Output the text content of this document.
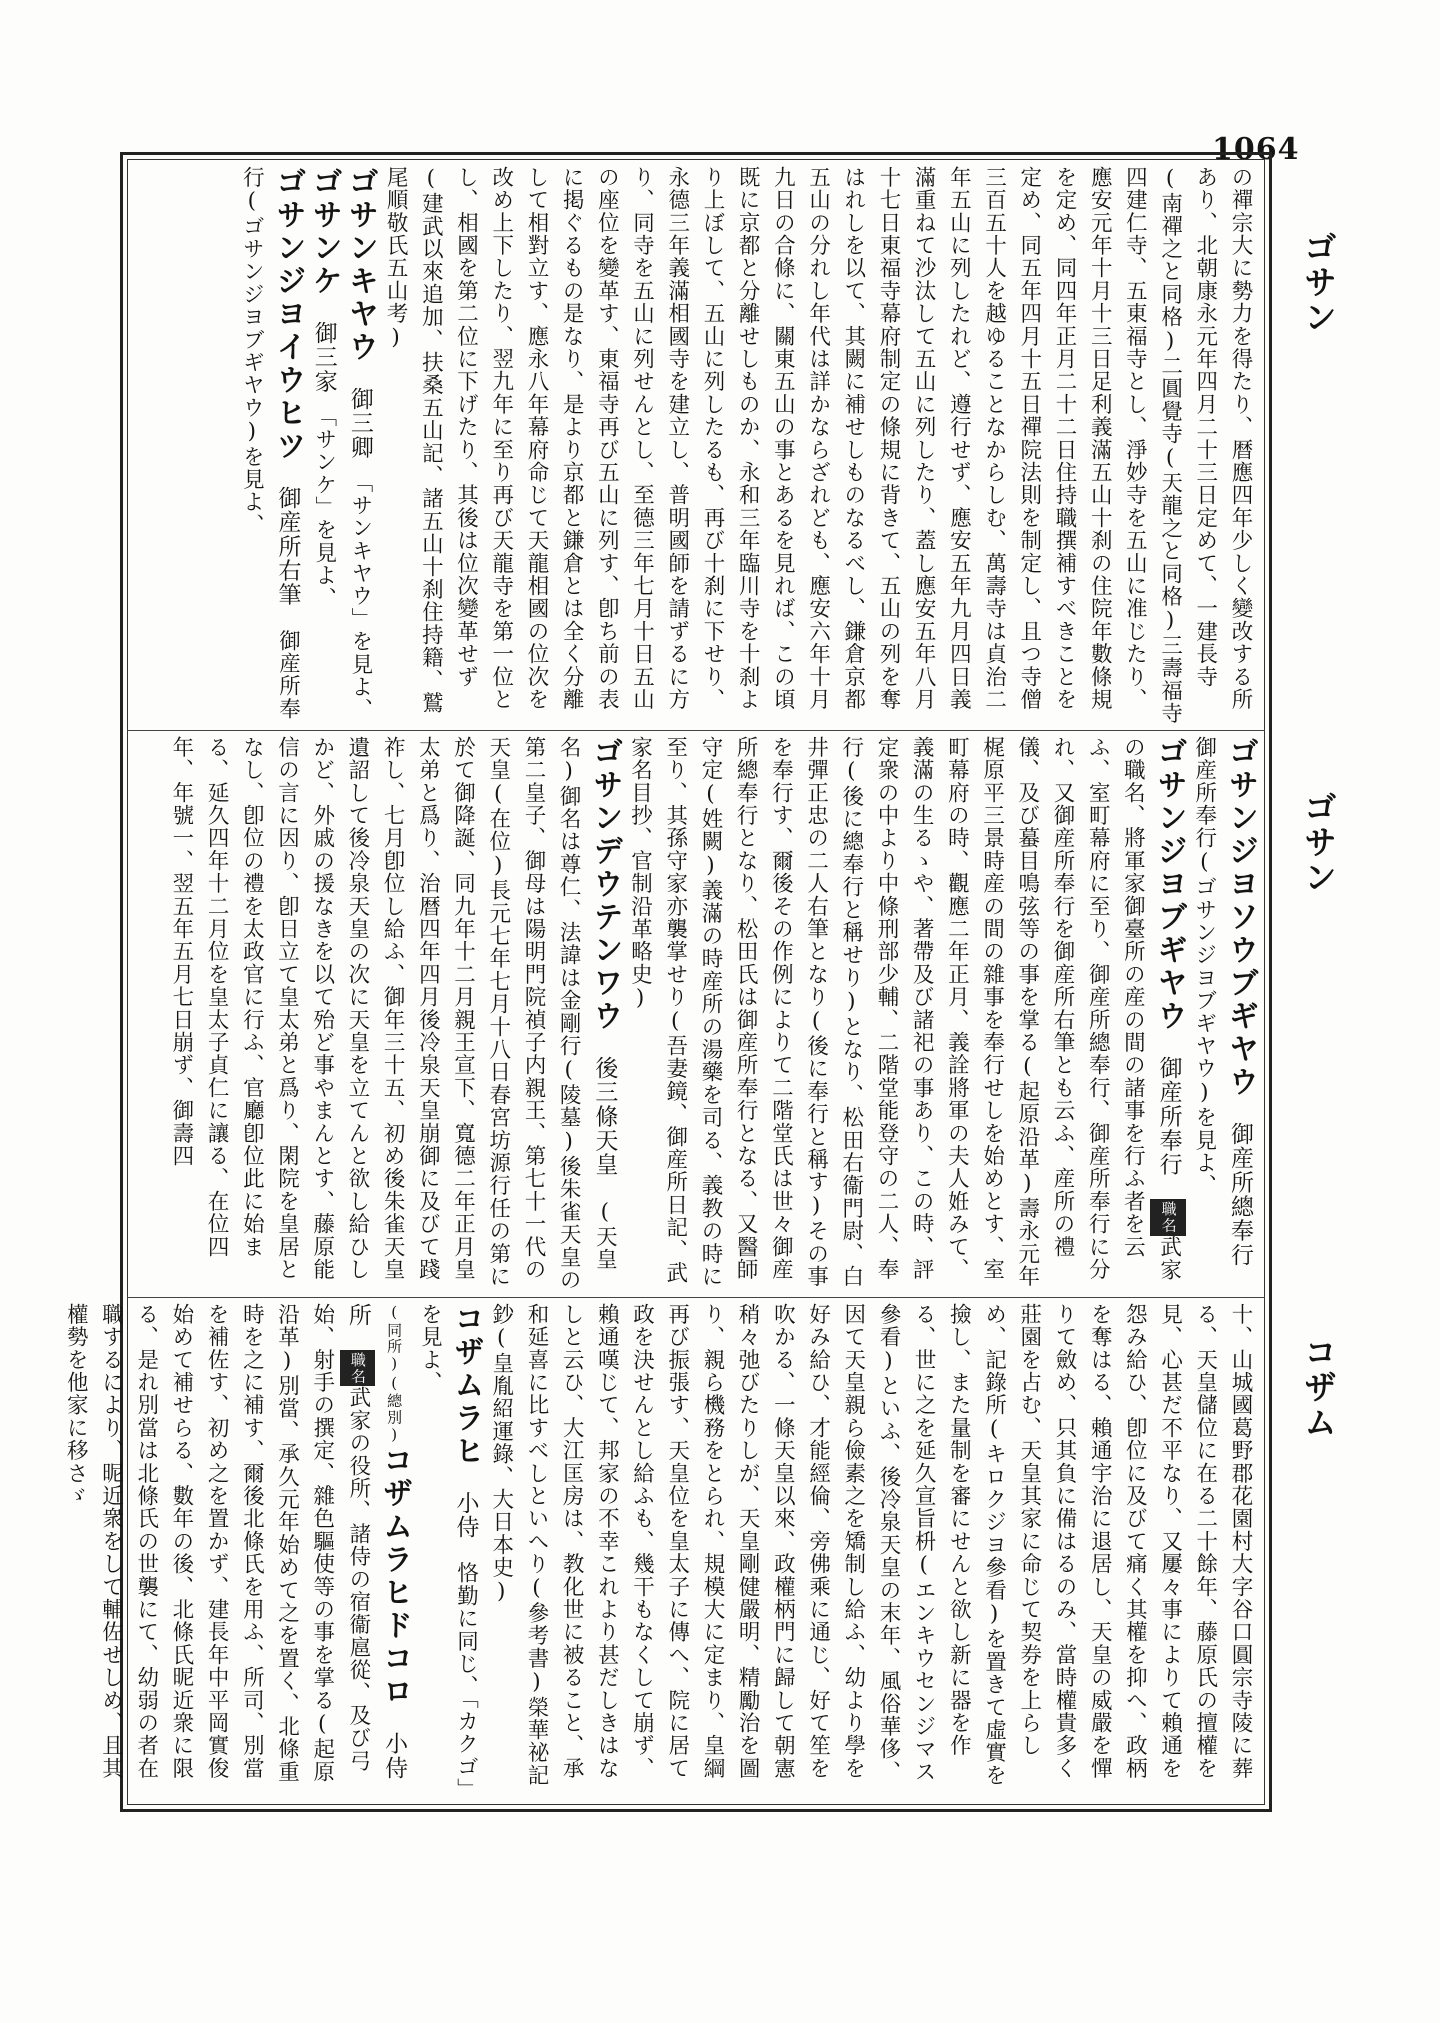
1064
ゴサン
ゴサン
コザム

の禪宗大に勢力を得たり、暦應四年少しく變改する所あり、北朝康永元年四月二十三日定めて、一建長寺(南禪之と同格)二圓覺寺(天龍之と同格)三壽福寺四建仁寺、五東福寺とし、淨妙寺を五山に准じたり、應安元年十月十三日足利義滿五山十刹の住院年數條規を定め、同四年正月二十二日住持職撰補すべきことを定め、同五年四月十五日禪院法則を制定し、且つ寺僧三百五十人を越ゆることなからしむ、萬壽寺は貞治二年五山に列したれど、遵行せず、應安五年九月四日義滿重ねて沙汰して五山に列したり、蓋し應安五年八月十七日東福寺幕府制定の條規に背きて、五山の列を奪はれしを以て、其闕に補せしものなるべし、鎌倉京都五山の分れし年代は詳かならざれども、應安六年十月九日の合條に、關東五山の事とあるを見れば、この頃既に京都と分離せしものか、永和三年臨川寺を十刹より上ぼして、五山に列したるも、再び十刹に下せり、永德三年義滿相國寺を建立し、普明國師を請ずるに方り、同寺を五山に列せんとし、至德三年七月十日五山の座位を變革す、東福寺再び五山に列す、卽ち前の表に掲ぐるもの是なり、是より京都と鎌倉とは全く分離して相對立す、應永八年幕府命じて天龍相國の位次を改め上下したり、翌九年に至り再び天龍寺を第一位とし、相國を第二位に下げたり、其後は位次變革せず(建武以來追加、扶桑五山記、諸五山十刹住持籍、鷲尾順敬氏五山考)

ゴサンキヤウ　御三卿　「サンキヤウ」を見よ、

ゴサンケ　御三家　「サンケ」を見よ、

ゴサンジヨイウヒツ　御産所右筆　御産所奉行(ゴサンジヨブギヤウ)を見よ、

ゴサンジヨソウブギヤウ　御産所總奉行　御産所奉行(ゴサンジヨブギヤウ)を見よ、

ゴサンジヨブギヤウ　御産所奉行　職名武家の職名、將軍家御臺所の産の間の諸事を行ふ者を云ふ、室町幕府に至り、御産所總奉行、御産所奉行に分れ、又御産所奉行を御産所右筆とも云ふ、産所の禮儀、及び蟇目鳴弦等の事を掌る(起原沿革)壽永元年梶原平三景時産の間の雜事を奉行せしを始めとす、室町幕府の時、觀應二年正月、義詮將軍の夫人姙みて、義滿の生るゝや、著帶及び諸祀の事あり、この時、評定衆の中より中條刑部少輔、二階堂能登守の二人、奉行(後に總奉行と稱せり)となり、松田右衞門尉、白井彈正忠の二人右筆となり(後に奉行と稱す)その事を奉行す、爾後その作例によりて二階堂氏は世々御産所總奉行となり、松田氏は御産所奉行となる、又醫師守定(姓闕)義滿の時産所の湯藥を司る、義教の時に至り、其孫守家亦襲掌せり(吾妻鏡、御産所日記、武家名目抄、官制沿革略史)

ゴサンデウテンワウ　後三條天皇　(天皇名)御名は尊仁、法諱は金剛行(陵墓)後朱雀天皇の第二皇子、御母は陽明門院禎子内親王、第七十一代の天皇(在位)長元七年七月十八日春宮坊源行任の第に於て御降誕、同九年十二月親王宣下、寬德二年正月皇太弟と爲り、治暦四年四月後冷泉天皇崩御に及びて踐祚し、七月卽位し給ふ、御年三十五、初め後朱雀天皇遺詔して後冷泉天皇の次に天皇を立てんと欲し給ひしかど、外戚の援なきを以て殆ど事やまんとす、藤原能信の言に因り、卽日立て皇太弟と爲り、閑院を皇居となし、卽位の禮を太政官に行ふ、官廳卽位此に始まる、延久四年十二月位を皇太子貞仁に讓る、在位四年、年號一、翌五年五月七日崩ず、御壽四

十、山城國葛野郡花園村大字谷口圓宗寺陵に葬る、天皇儲位に在る二十餘年、藤原氏の擅權を見、心甚だ不平なり、又屢々事によりて賴通を怨み給ひ、卽位に及びて痛く其權を抑へ、政柄を奪はる、賴通宇治に退居し、天皇の威嚴を憚りて斂め、只其負に備はるのみ、當時權貴多く莊園を占む、天皇其家に命じて契券を上らしめ、記錄所(キロクジヨ參看)を置きて虛實を撿し、また量制を審にせんと欲し新に器を作る、世に之を延久宣旨枡(エンキウセンジマス參看)といふ、後冷泉天皇の末年、風俗華侈、因て天皇親ら儉素之を矯制し給ふ、幼より學を好み給ひ、才能經倫、旁佛乘に通じ、好て笙を吹かる、一條天皇以來、政權柄門に歸して朝憲稍々弛びたりしが、天皇剛健嚴明、精勵治を圖り、親ら機務をとられ、規模大に定まり、皇綱再び振張す、天皇位を皇太子に傳へ、院に居て政を決せんとし給ふも、幾干もなくして崩ず、賴通嘆じて、邦家の不幸これより甚だしきはなしと云ひ、大江匡房は、教化世に被ること、承和延喜に比すべしといへり(參考書)榮華祕記鈔(皇胤紹運錄、大日本史)

コザムラヒ　小侍　恪勤に同じ、「カクゴ」を見よ、

(同所)(總別)コザムラヒドコロ　小侍所　職名武家の役所、諸侍の宿衞扈從、及び弓始、射手の撰定、雜色驅使等の事を掌る(起原沿革)別當、承久元年始めて之を置く、北條重時を之に補す、爾後北條氏を用ふ、所司、別當を補佐す、初め之を置かず、建長年中平岡實俊始めて補せらる、數年の後、北條氏昵近衆に限る、是れ別當は北條氏の世襲にて、幼弱の者在職するにより、昵近衆をして輔佐せしめ、且其權勢を他家に移さゞ
